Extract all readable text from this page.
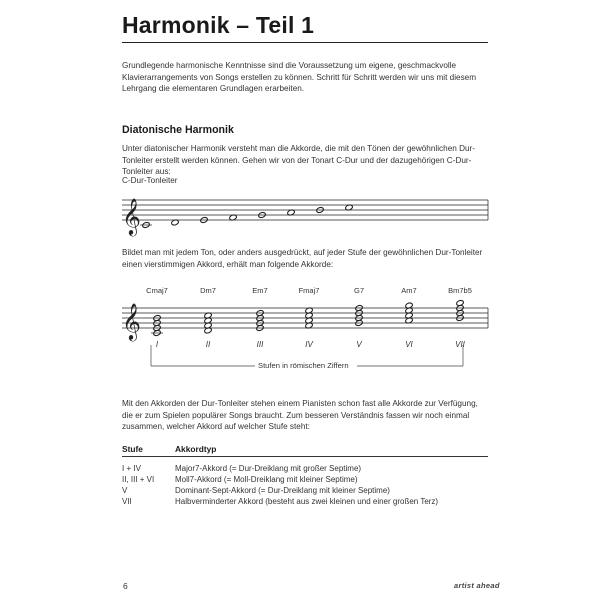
Harmonik – Teil 1
Grundlegende harmonische Kenntnisse sind die Voraussetzung um eigene, geschmackvolle Klavierarrangements von Songs erstellen zu können. Schritt für Schritt werden wir uns mit diesem Lehrgang die elementaren Grundlagen erarbeiten.
Diatonische Harmonik
Unter diatonischer Harmonik versteht man die Akkorde, die mit den Tönen der gewöhnlichen Dur-Tonleiter erstellt werden können. Gehen wir von der Tonart C-Dur und der dazugehörigen C-Dur-Tonleiter aus:
C-Dur-Tonleiter
𝄞
Bildet man mit jedem Ton, oder anders ausgedrückt, auf jeder Stufe der gewöhnlichen Dur-Tonleiter einen vierstimmigen Akkord, erhält man folgende Akkorde:
Cmaj7	Dm7	Em7	Fmaj7	G7	Am7	Bm7b5
𝄞
I	II	III	IV	V	VI	VII
Stufen in römischen Ziffern
Mit den Akkorden der Dur-Tonleiter stehen einem Pianisten schon fast alle Akkorde zur Verfügung, die er zum Spielen populärer Songs braucht. Zum besseren Verständnis fassen wir noch einmal zusammen, welcher Akkord auf welcher Stufe steht:
Stufe	Akkordtyp
I + IV	Major7-Akkord (= Dur-Dreiklang mit großer Septime)
II, III + VI	Moll7-Akkord (= Moll-Dreiklang mit kleiner Septime)
V	Dominant-Sept-Akkord (= Dur-Dreiklang mit kleiner Septime)
VII	Halbverminderter Akkord (besteht aus zwei kleinen und einer großen Terz)
6	artist ahead
